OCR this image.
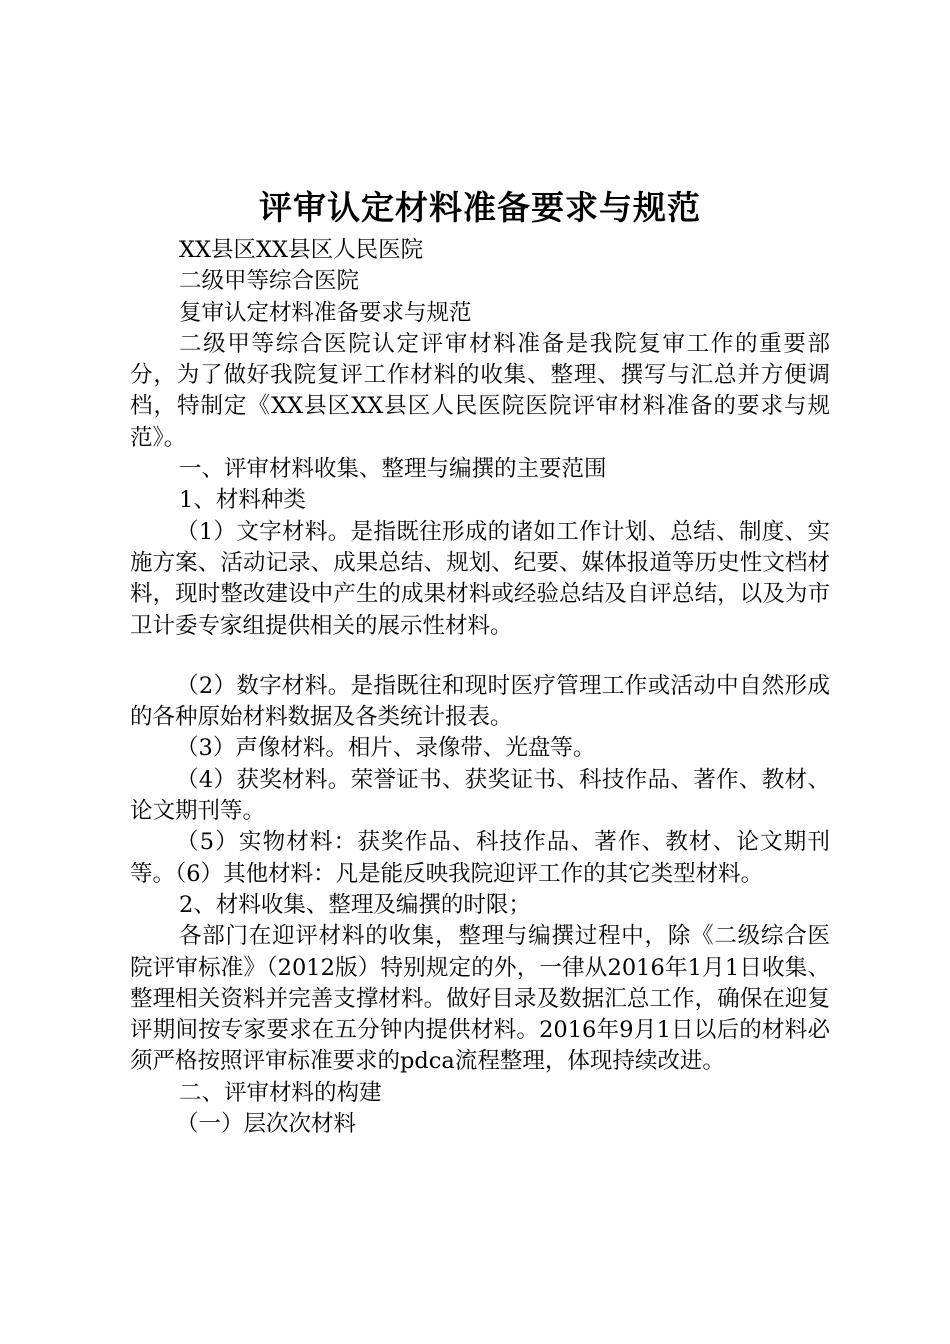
评审认定材料准备要求与规范

XX县区XX县区人民医院

二级甲等综合医院

复审认定材料准备要求与规范

二级甲等综合医院认定评审材料准备是我院复审工作的重要部分，为了做好我院复评工作材料的收集、整理、撰写与汇总并方便调档，特制定《XX县区XX县区人民医院医院评审材料准备的要求与规范》。

一、评审材料收集、整理与编撰的主要范围

1、材料种类

（1）文字材料。是指既往形成的诸如工作计划、总结、制度、实施方案、活动记录、成果总结、规划、纪要、媒体报道等历史性文档材料，现时整改建设中产生的成果材料或经验总结及自评总结，以及为市卫计委专家组提供相关的展示性材料。

（2）数字材料。是指既往和现时医疗管理工作或活动中自然形成的各种原始材料数据及各类统计报表。

（3）声像材料。相片、录像带、光盘等。

（4）获奖材料。荣誉证书、获奖证书、科技作品、著作、教材、论文期刊等。

（5）实物材料：获奖作品、科技作品、著作、教材、论文期刊等。（6）其他材料：凡是能反映我院迎评工作的其它类型材料。

2、材料收集、整理及编撰的时限；

各部门在迎评材料的收集，整理与编撰过程中，除《二级综合医院评审标准》（2012版）特别规定的外，一律从2016年1月1日收集、整理相关资料并完善支撑材料。做好目录及数据汇总工作，确保在迎复评期间按专家要求在五分钟内提供材料。2016年9月1日以后的材料必须严格按照评审标准要求的pdca流程整理，体现持续改进。

二、评审材料的构建

（一）层次次材料
